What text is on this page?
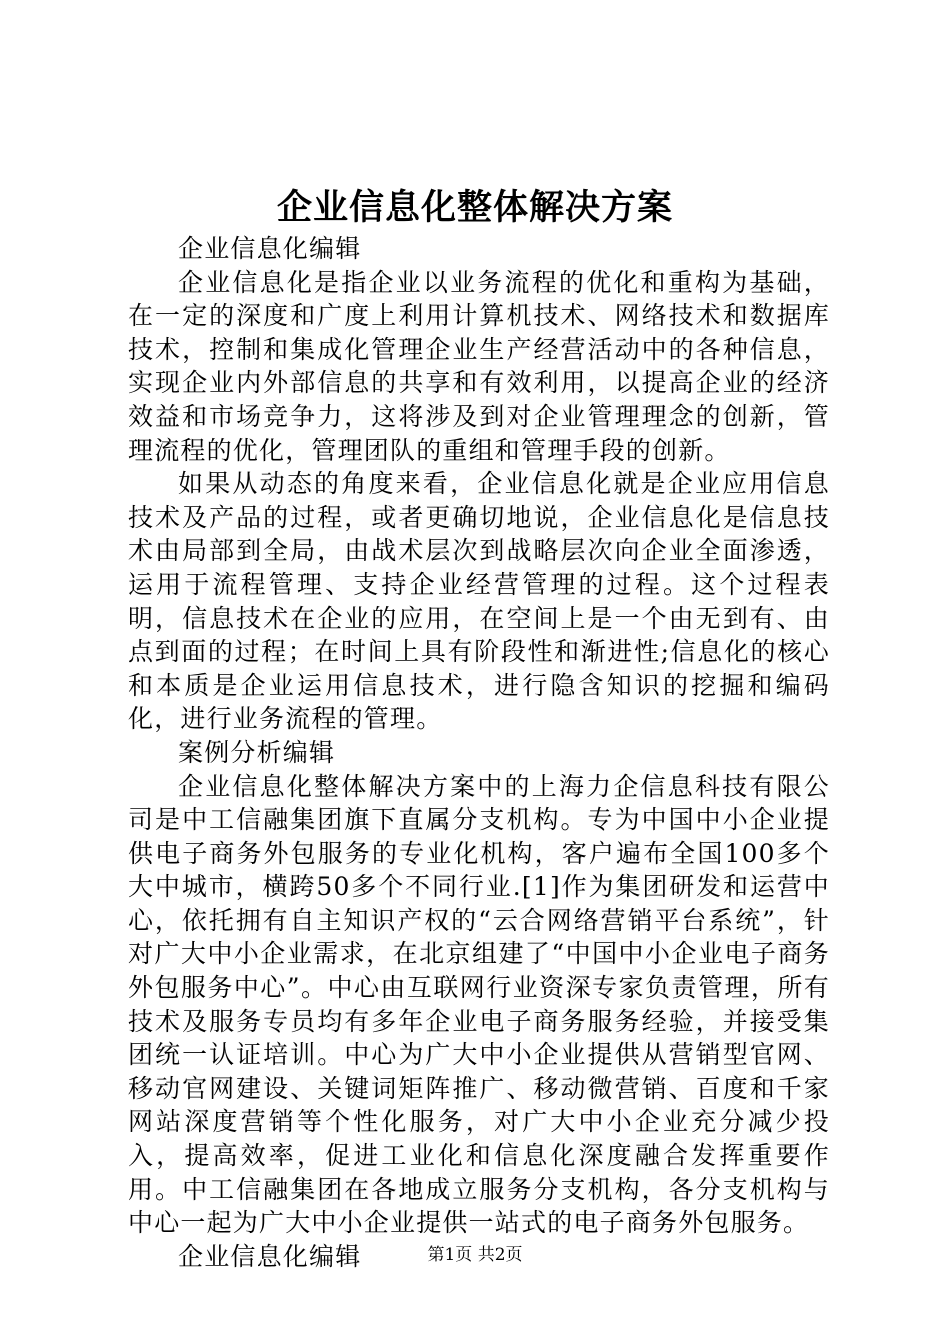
企业信息化整体解决方案

企业信息化编辑

企业信息化是指企业以业务流程的优化和重构为基础，在一定的深度和广度上利用计算机技术、网络技术和数据库技术，控制和集成化管理企业生产经营活动中的各种信息，实现企业内外部信息的共享和有效利用，以提高企业的经济效益和市场竞争力，这将涉及到对企业管理理念的创新，管理流程的优化，管理团队的重组和管理手段的创新。

如果从动态的角度来看，企业信息化就是企业应用信息技术及产品的过程，或者更确切地说，企业信息化是信息技术由局部到全局，由战术层次到战略层次向企业全面渗透，运用于流程管理、支持企业经营管理的过程。这个过程表明，信息技术在企业的应用，在空间上是一个由无到有、由点到面的过程；在时间上具有阶段性和渐进性;信息化的核心和本质是企业运用信息技术，进行隐含知识的挖掘和编码化，进行业务流程的管理。

案例分析编辑

企业信息化整体解决方案中的上海力企信息科技有限公司是中工信融集团旗下直属分支机构。专为中国中小企业提供电子商务外包服务的专业化机构，客户遍布全国100多个大中城市，横跨50多个不同行业.[1]作为集团研发和运营中心，依托拥有自主知识产权的“云合网络营销平台系统”，针对广大中小企业需求，在北京组建了“中国中小企业电子商务外包服务中心”。中心由互联网行业资深专家负责管理，所有技术及服务专员均有多年企业电子商务服务经验，并接受集团统一认证培训。中心为广大中小企业提供从营销型官网、移动官网建设、关键词矩阵推广、移动微营销、百度和千家网站深度营销等个性化服务，对广大中小企业充分减少投入，提高效率，促进工业化和信息化深度融合发挥重要作用。中工信融集团在各地成立服务分支机构，各分支机构与中心一起为广大中小企业提供一站式的电子商务外包服务。

企业信息化编辑	第1页 共2页
